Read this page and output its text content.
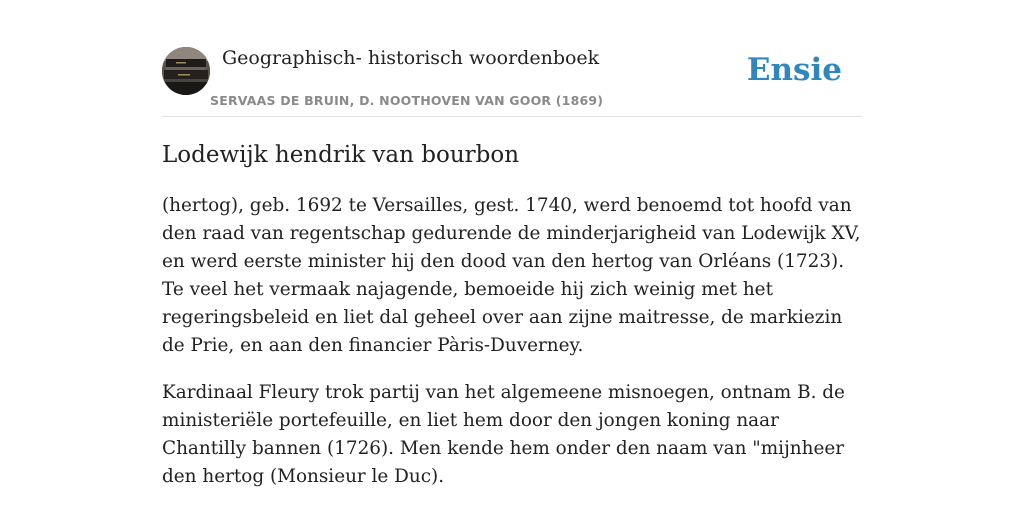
Geographisch- historisch woordenboek
SERVAAS DE BRUIN, D. NOOTHOVEN VAN GOOR (1869)
Ensie
Lodewijk hendrik van bourbon

(hertog), geb. 1692 te Versailles, gest. 1740, werd benoemd tot hoofd van den raad van regentschap gedurende de minderjarigheid van Lodewijk XV, en werd eerste minister hij den dood van den hertog van Orléans (1723). Te veel het vermaak najagende, bemoeide hij zich weinig met het regeringsbeleid en liet dal geheel over aan zijne maitresse, de markiezin de Prie, en aan den financier Pàris-Duverney.

Kardinaal Fleury trok partij van het algemeene misnoegen, ontnam B. de ministeriële portefeuille, en liet hem door den jongen koning naar Chantilly bannen (1726). Men kende hem onder den naam van "mijnheer den hertog (Monsieur le Duc).
